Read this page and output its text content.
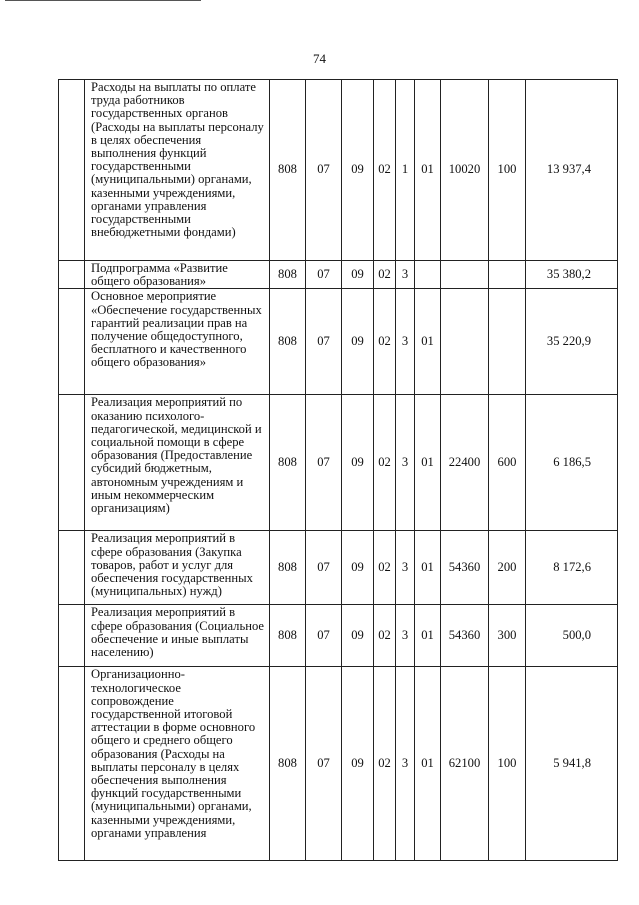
74
	Расходы на выплаты по оплате труда работников государственных органов (Расходы на выплаты персоналу в целях обеспечения выполнения функций государственными (муниципальными) органами, казенными учреждениями, органами управления государственными внебюджетными фондами)	808	07	09	02	1	01	10020	100	13 937,4
	Подпрограмма «Развитие общего образования»	808	07	09	02	3				35 380,2
	Основное мероприятие «Обеспечение государственных гарантий реализации прав на получение общедоступного, бесплатного и качественного общего образования»	808	07	09	02	3	01			35 220,9
	Реализация мероприятий по оказанию психолого-педагогической, медицинской и социальной помощи в сфере образования (Предоставление субсидий бюджетным, автономным учреждениям и иным некоммерческим организациям)	808	07	09	02	3	01	22400	600	6 186,5
	Реализация мероприятий в сфере образования (Закупка товаров, работ и услуг для обеспечения государственных (муниципальных) нужд)	808	07	09	02	3	01	54360	200	8 172,6
	Реализация мероприятий в сфере образования (Социальное обеспечение и иные выплаты населению)	808	07	09	02	3	01	54360	300	500,0
	Организационно-технологическое сопровождение государственной итоговой аттестации в форме основного общего и среднего общего образования (Расходы на выплаты персоналу в целях обеспечения выполнения функций государственными (муниципальными) органами, казенными учреждениями, органами управления	808	07	09	02	3	01	62100	100	5 941,8
